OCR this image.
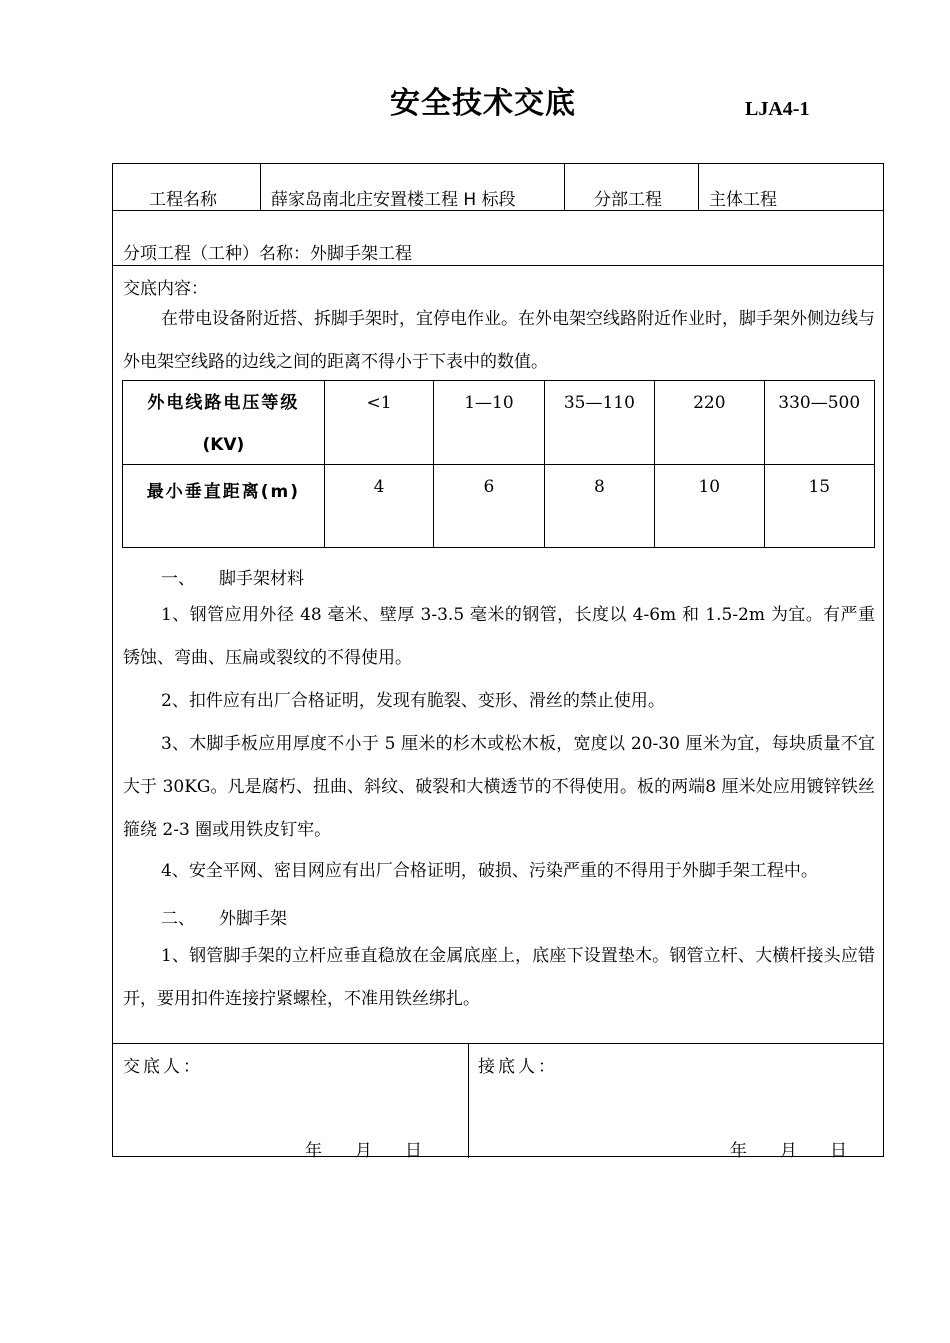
安全技术交底	LJA4-1
工程名称	薛家岛南北庄安置楼工程 H 标段	分部工程	主体工程
分项工程（工种）名称：外脚手架工程
交底内容：
在带电设备附近搭、拆脚手架时，宜停电作业。在外电架空线路附近作业时，脚手架外侧边线与外电架空线路的边线之间的距离不得小于下表中的数值。
外电线路电压等级
(KV)	<1	1—10	35—110	220	330—500
最小垂直距离(m)	4	6	8	10	15
一、 脚手架材料
1、钢管应用外径 48 毫米、壁厚 3-3.5 毫米的钢管，长度以 4-6m 和 1.5-2m 为宜。有严重锈蚀、弯曲、压扁或裂纹的不得使用。
2、扣件应有出厂合格证明，发现有脆裂、变形、滑丝的禁止使用。
3、木脚手板应用厚度不小于 5 厘米的杉木或松木板，宽度以 20-30 厘米为宜，每块质量不宜大于 30KG。凡是腐朽、扭曲、斜纹、破裂和大横透节的不得使用。板的两端8 厘米处应用镀锌铁丝箍绕 2-3 圈或用铁皮钉牢。
4、安全平网、密目网应有出厂合格证明，破损、污染严重的不得用于外脚手架工程中。
二、 外脚手架
1、钢管脚手架的立杆应垂直稳放在金属底座上，底座下设置垫木。钢管立杆、大横杆接头应错开，要用扣件连接拧紧螺栓，不准用铁丝绑扎。
交底人：	接底人：
年 月 日	年 月 日
